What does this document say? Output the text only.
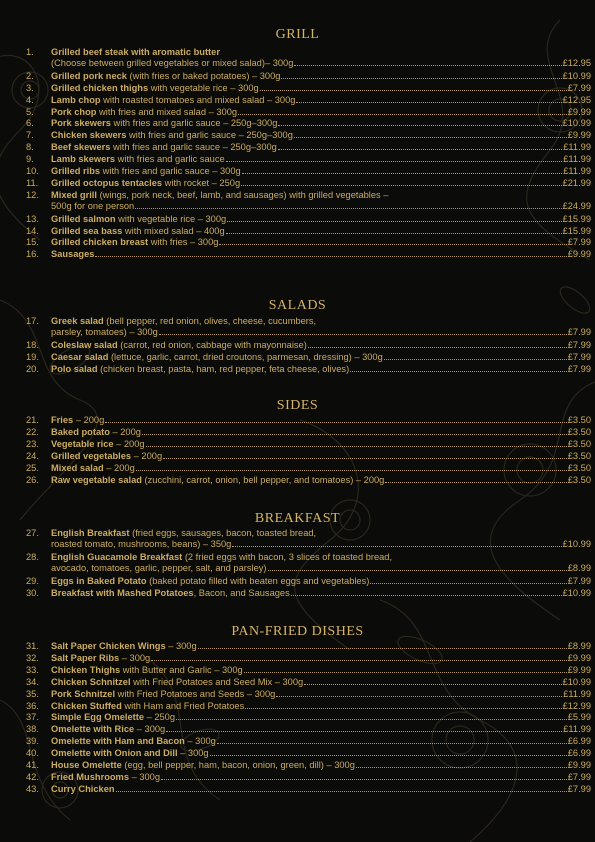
GRILL
1.	Grilled beef steak with aromatic butter
(Choose between grilled vegetables or mixed salad)– 300g	£12.95
2.	Grilled pork neck (with fries or baked potatoes) – 300g	£10.99
3.	Grilled chicken thighs with vegetable rice – 300g	£7.99
4.	Lamb chop with roasted tomatoes and mixed salad – 300g	£12.95
5.	Pork chop with fries and mixed salad – 300g	£9.99
6.	Pork skewers with fries and garlic sauce – 250g–300g	£10.99
7.	Chicken skewers with fries and garlic sauce – 250g–300g	£9.99
8.	Beef skewers with fries and garlic sauce – 250g–300g	£11.99
9.	Lamb skewers with fries and garlic sauce	£11.99
10.	Grilled ribs with fries and garlic sauce – 300g	£11.99
11.	Grilled octopus tentacles with rocket – 250g	£21.99
12.	Mixed grill (wings, pork neck, beef, lamb, and sausages) with grilled vegetables –
500g for one person	£24.99
13.	Grilled salmon with vegetable rice – 300g	£15.99
14.	Grilled sea bass with mixed salad – 400g	£15.99
15.	Grilled chicken breast with fries – 300g	£7.99
16.	Sausages	£9.99
SALADS
17.	Greek salad (bell pepper, red onion, olives, cheese, cucumbers,
parsley, tomatoes) – 300g	£7.99
18.	Coleslaw salad (carrot, red onion, cabbage with mayonnaise)	£7.99
19.	Caesar salad (lettuce, garlic, carrot, dried croutons, parmesan, dressing) – 300g	£7.99
20.	Polo salad (chicken breast, pasta, ham, red pepper, feta cheese, olives)	£7.99
SIDES
21.	Fries – 200g	£3.50
22.	Baked potato – 200g	£3.50
23.	Vegetable rice – 200g	£3.50
24.	Grilled vegetables – 200g	£3.50
25.	Mixed salad – 200g	£3.50
26.	Raw vegetable salad (zucchini, carrot, onion, bell pepper, and tomatoes) – 200g	£3.50
BREAKFAST
27.	English Breakfast (fried eggs, sausages, bacon, toasted bread,
roasted tomato, mushrooms, beans) – 350g	£10.99
28.	English Guacamole Breakfast (2 fried eggs with bacon, 3 slices of toasted bread,
avocado, tomatoes, garlic, pepper, salt, and parsley)	£8.99
29.	Eggs in Baked Potato (baked potato filled with beaten eggs and vegetables)	£7.99
30.	Breakfast with Mashed Potatoes , Bacon, and Sausages	£10.99
PAN-FRIED DISHES
31.	Salt Paper Chicken Wings – 300g	£8.99
32.	Salt Paper Ribs – 300g	£9.99
33.	Chicken Thighs with Butter and Garlic – 300g	£9.99
34.	Chicken Schnitzel with Fried Potatoes and Seed Mix – 300g	£10.99
35.	Pork Schnitzel with Fried Potatoes and Seeds – 300g	£11.99
36.	Chicken Stuffed with Ham and Fried Potatoes	£12.99
37.	Simple Egg Omelette – 250g	£5.99
38.	Omelette with Rice – 300g	£11.99
39.	Omelette with Ham and Bacon – 300g	£6.99
40.	Omelette with Onion and Dill – 300g	£6.99
41.	House Omelette (egg, bell pepper, ham, bacon, onion, green, dill) – 300g	£9.99
42.	Fried Mushrooms – 300g	£7.99
43.	Curry Chicken	£7.99
